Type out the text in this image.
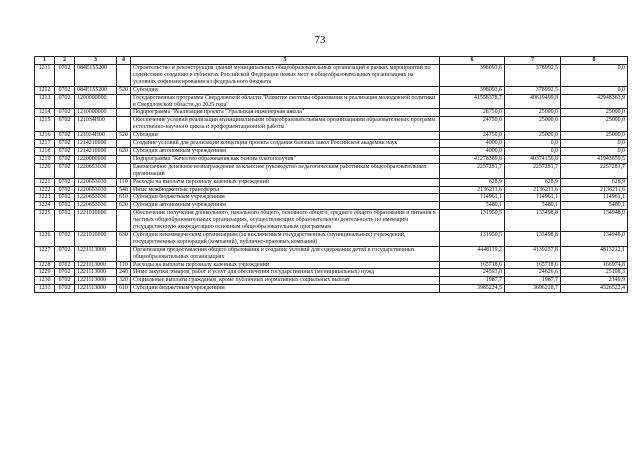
73
1	2	3	4	5	6	7	8
1211	0702	084E155200		Строительство и реконструкция зданий муниципальных общеобразовательных организаций в рамках мероприятий по содействию созданию в субъектах Российской Федерации новых мест в общеобразовательных организациях на условиях софинансирования из федерального бюджета	398093,6	378992,5	0,0
1212	0702	084E155200	520	Субсидии	398093,6	378992,5	0,0
1213	0702	1200000000		Государственная программа Свердловской области "Развитие системы образования и реализация молодежной политики в Свердловской области до 2025 года"	41558378,7	40619499,8	42948363,9
1214	0702	1210000000		Подпрограмма "Реализация проекта "Уральская инженерная школа"	28750,0	25000,0	25000,0
1215	0702	121034Н00		Обеспечение условий реализации муниципальными общеобразовательными организациями образовательных программ естественно-научного цикла и профориентационной работы	24750,0	25000,0	25000,0
1216	0702	121034Н00	520	Субсидии	24750,0	25000,0	25000,0
1217	0702	1214210000		Создание условий для реализации концепции проекта создания базовых школ Российской академии наук	4000,0	0,0	0,0
1218	0702	1214210000	620	Субсидии автономным учреждениям	4000,0	0,0	0,0
1219	0702	1220000000		Подпрограмма "Качество образования как основа благополучия"	41278389,8	40374156,8	41943659,5
1220	0702	1220653030		Ежемесячное денежное вознаграждение за классное руководство педагогическим работникам общеобразовательных организаций	2257281,7	2257281,7	2257281,7
1221	0702	1220653030	110	Расходы на выплаты персоналу казенных учреждений	628,9	628,9	628,9
1222	0702	1220653030	540	Иные межбюджетные трансферты	2136211,6	2136211,6	2136211,6
1223	0702	1220653030	610	Субсидии бюджетным учреждениям	114961,1	114961,1	114961,1
1224	0702	1220653030	620	Субсидии автономным учреждениям	5480,1	5480,1	5480,1
1225	0702	1221010000		Обеспечение получения дошкольного, начального общего, основного общего, среднего общего образования и питания в частных общеобразовательных организациях, осуществляющих образовательную деятельность по имеющим государственную аккредитацию основным общеобразовательным программам	131950,5	133498,8	134948,0
1226	0702	1221010000	630	Субсидии некоммерческим организациям (за исключением государственных (муниципальных) учреждений, государственных корпораций (компаний), публично-правовых компаний)	131950,5	133498,8	134948,0
1227	0702	1221113000		Организация предоставления общего образования и создание условий для содержания детей в государственных общеобразовательных организациях	4448119,2	4139237,8	4813212,1
1228	0702	1221113000	110	Расходы на выплаты персоналу казенных учреждений	165718,6	165718,6	166974,8
1229	0702	1221113000	240	Иные закупки товаров, работ и услуг для обеспечения государственных (муниципальных) нужд	24593,0	24626,6	25108,3
1230	0702	1221113000	320	Социальные выплаты гражданам, кроме публичных нормативных социальных выплат	1987,7	1987,7	2149,9
1231	0702	1221113000	610	Субсидии бюджетным учреждениям	3985224,5	3696218,7	4326522,4
